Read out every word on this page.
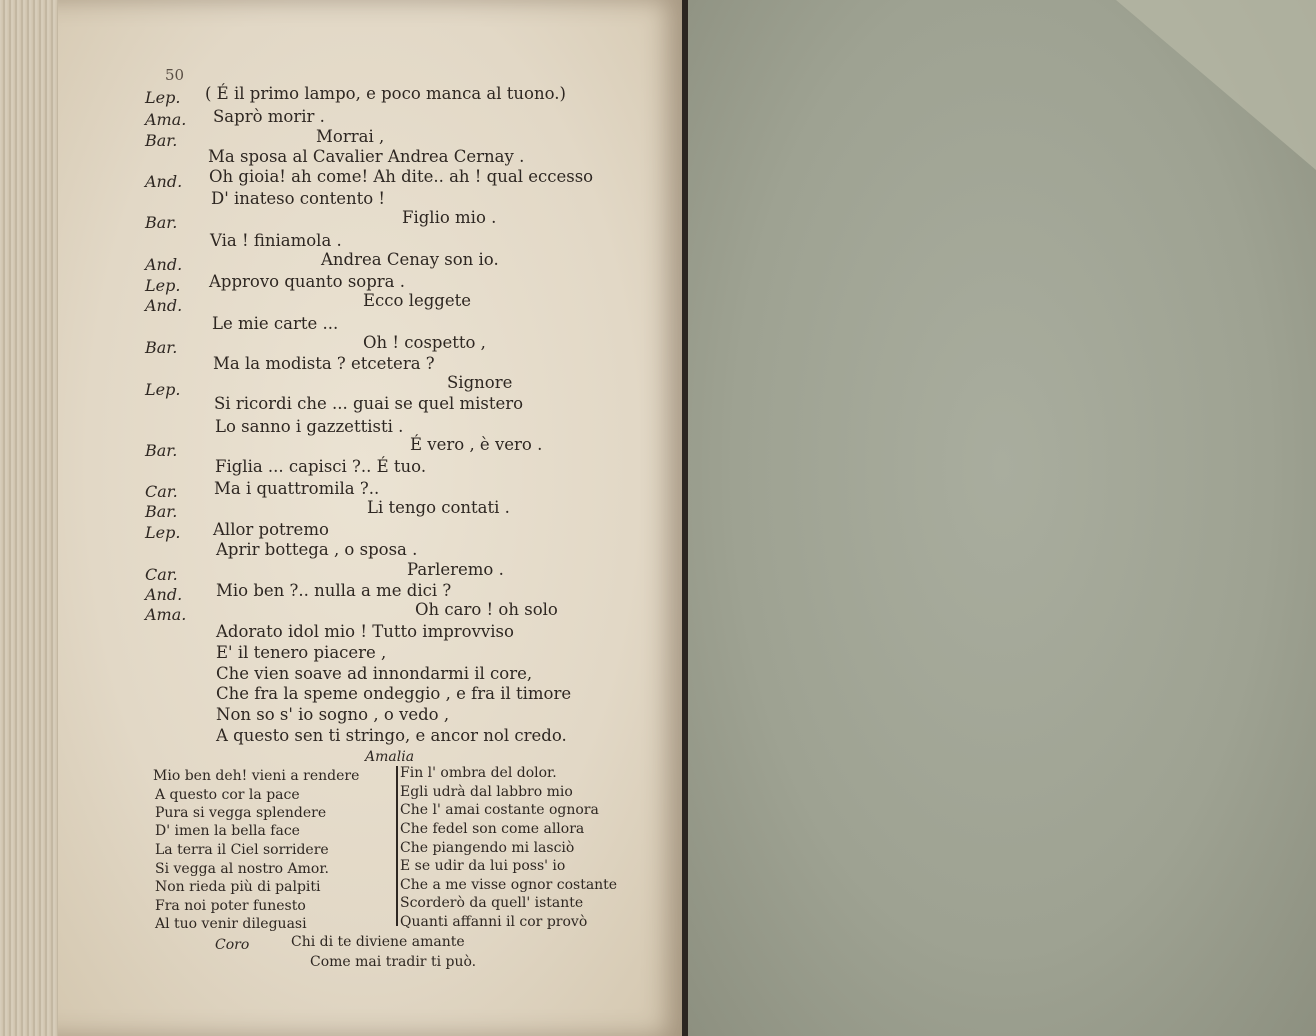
50
Lep.	( É il primo lampo, e poco manca al tuono.)
Ama.	Saprò morir .
Bar.	Morrai ,
Ma sposa al Cavalier Andrea Cernay .
And.	Oh gioia! ah come! Ah dite.. ah ! qual eccesso
D' inateso contento !
Bar.	Figlio mio .
Via ! finiamola .
And.	Andrea Cenay son io.
Lep.	Approvo quanto sopra .
And.	Ecco leggete
Le mie carte ...
Bar.	Oh ! cospetto ,
Ma la modista ? etcetera ?
Lep.	Signore
Si ricordi che ... guai se quel mistero
Lo sanno i gazzettisti .
Bar.	É vero , è vero .
Figlia ... capisci ?.. É tuo.
Car.	Ma i quattromila ?..
Bar.	Li tengo contati .
Lep.	Allor potremo
Aprir bottega , o sposa .
Car.	Parleremo .
And.	Mio ben ?.. nulla a me dici ?
Ama.	Oh caro ! oh solo
Adorato idol mio ! Tutto improvviso
E' il tenero piacere ,
Che vien soave ad innondarmi il core,
Che fra la speme ondeggio , e fra il timore
Non so s' io sogno , o vedo ,
A questo sen ti stringo, e ancor nol credo.
Amalia
Mio ben deh! vieni a rendere
A questo cor la pace
Pura si vegga splendere
D' imen la bella face
La terra il Ciel sorridere
Si vegga al nostro Amor.
Non rieda più di palpiti
Fra noi poter funesto
Al tuo venir dileguasi
Fin l' ombra del dolor.
Egli udrà dal labbro mio
Che l' amai costante ognora
Che fedel son come allora
Che piangendo mi lasciò
E se udir da lui poss' io
Che a me visse ognor costante
Scorderò da quell' istante
Quanti affanni il cor provò
Coro	Chi di te diviene amante
Come mai tradir ti può.
